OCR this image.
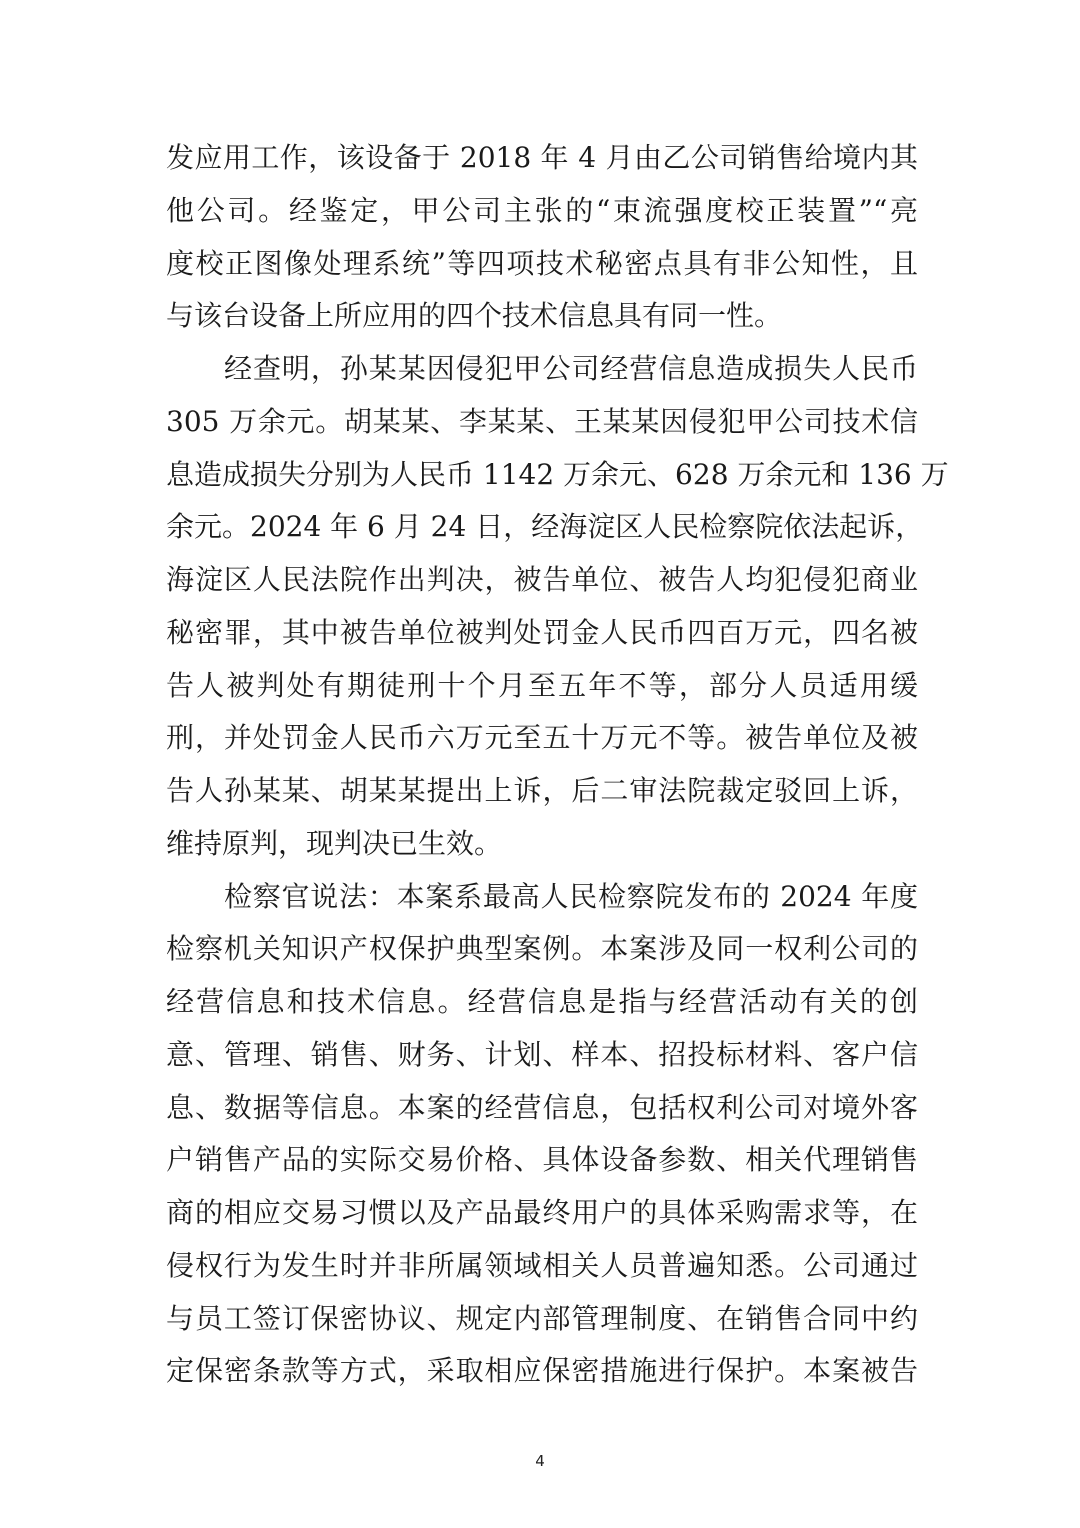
发应用工作，该设备于 2018 年 4 月由乙公司销售给境内其
他公司。经鉴定，甲公司主张的“束流强度校正装置”“亮
度校正图像处理系统”等四项技术秘密点具有非公知性，且
与该台设备上所应用的四个技术信息具有同一性。
经查明，孙某某因侵犯甲公司经营信息造成损失人民币
305 万余元。胡某某、李某某、王某某因侵犯甲公司技术信
息造成损失分别为人民币 1142 万余元、628 万余元和 136 万
余元。2024 年 6 月 24 日，经海淀区人民检察院依法起诉，
海淀区人民法院作出判决，被告单位、被告人均犯侵犯商业
秘密罪，其中被告单位被判处罚金人民币四百万元，四名被
告人被判处有期徒刑十个月至五年不等，部分人员适用缓
刑，并处罚金人民币六万元至五十万元不等。被告单位及被
告人孙某某、胡某某提出上诉，后二审法院裁定驳回上诉，
维持原判，现判决已生效。
检察官说法：本案系最高人民检察院发布的 2024 年度
检察机关知识产权保护典型案例。本案涉及同一权利公司的
经营信息和技术信息。经营信息是指与经营活动有关的创
意、管理、销售、财务、计划、样本、招投标材料、客户信
息、数据等信息。本案的经营信息，包括权利公司对境外客
户销售产品的实际交易价格、具体设备参数、相关代理销售
商的相应交易习惯以及产品最终用户的具体采购需求等，在
侵权行为发生时并非所属领域相关人员普遍知悉。公司通过
与员工签订保密协议、规定内部管理制度、在销售合同中约
定保密条款等方式，采取相应保密措施进行保护。本案被告
4
